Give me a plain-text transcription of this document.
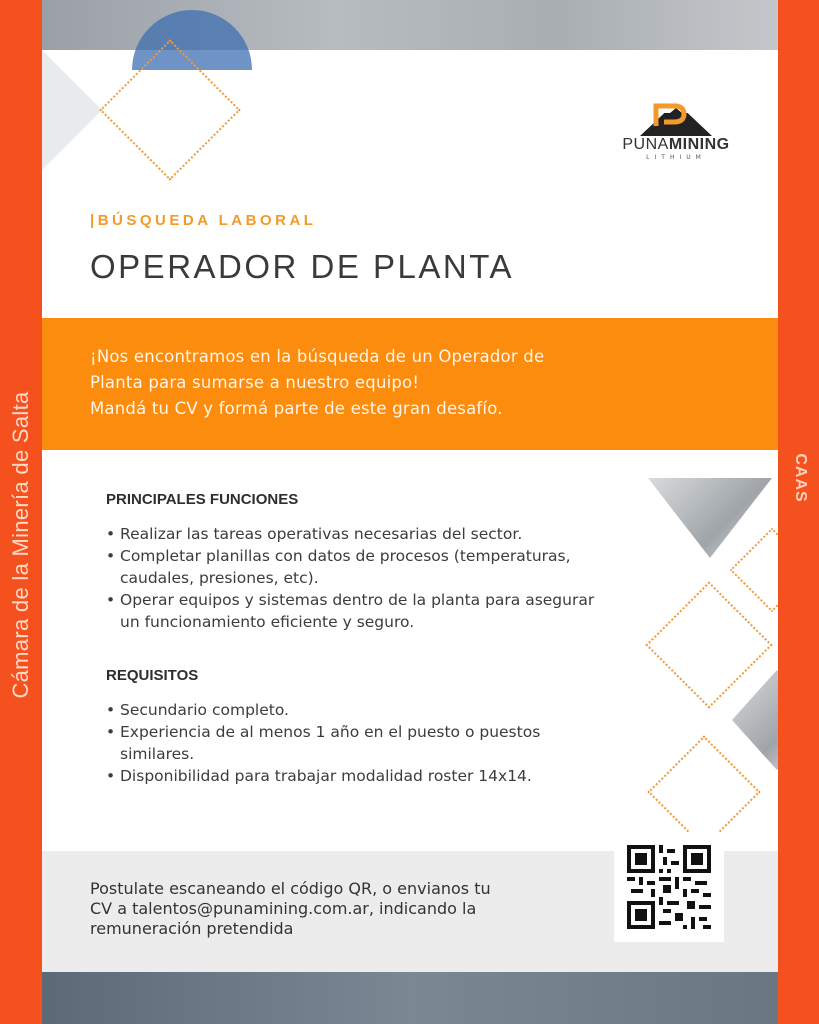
Cámara de la Minería de Salta	CAAS
PUNAMINING
LITHIUM
|BÚSQUEDA LABORAL
OPERADOR DE PLANTA

¡Nos encontramos en la búsqueda de un Operador de
Planta para sumarse a nuestro equipo!
Mandá tu CV y formá parte de este gran desafío.

PRINCIPALES FUNCIONES
• Realizar las tareas operativas necesarias del sector.
• Completar planillas con datos de procesos (temperaturas, caudales, presiones, etc).
• Operar equipos y sistemas dentro de la planta para asegurar un funcionamiento eficiente y seguro.
REQUISITOS
• Secundario completo.
• Experiencia de al menos 1 año en el puesto o puestos similares.
• Disponibilidad para trabajar modalidad roster 14x14.

Postulate escaneando el código QR, o envianos tu
CV a talentos@punamining.com.ar, indicando la
remuneración pretendida
